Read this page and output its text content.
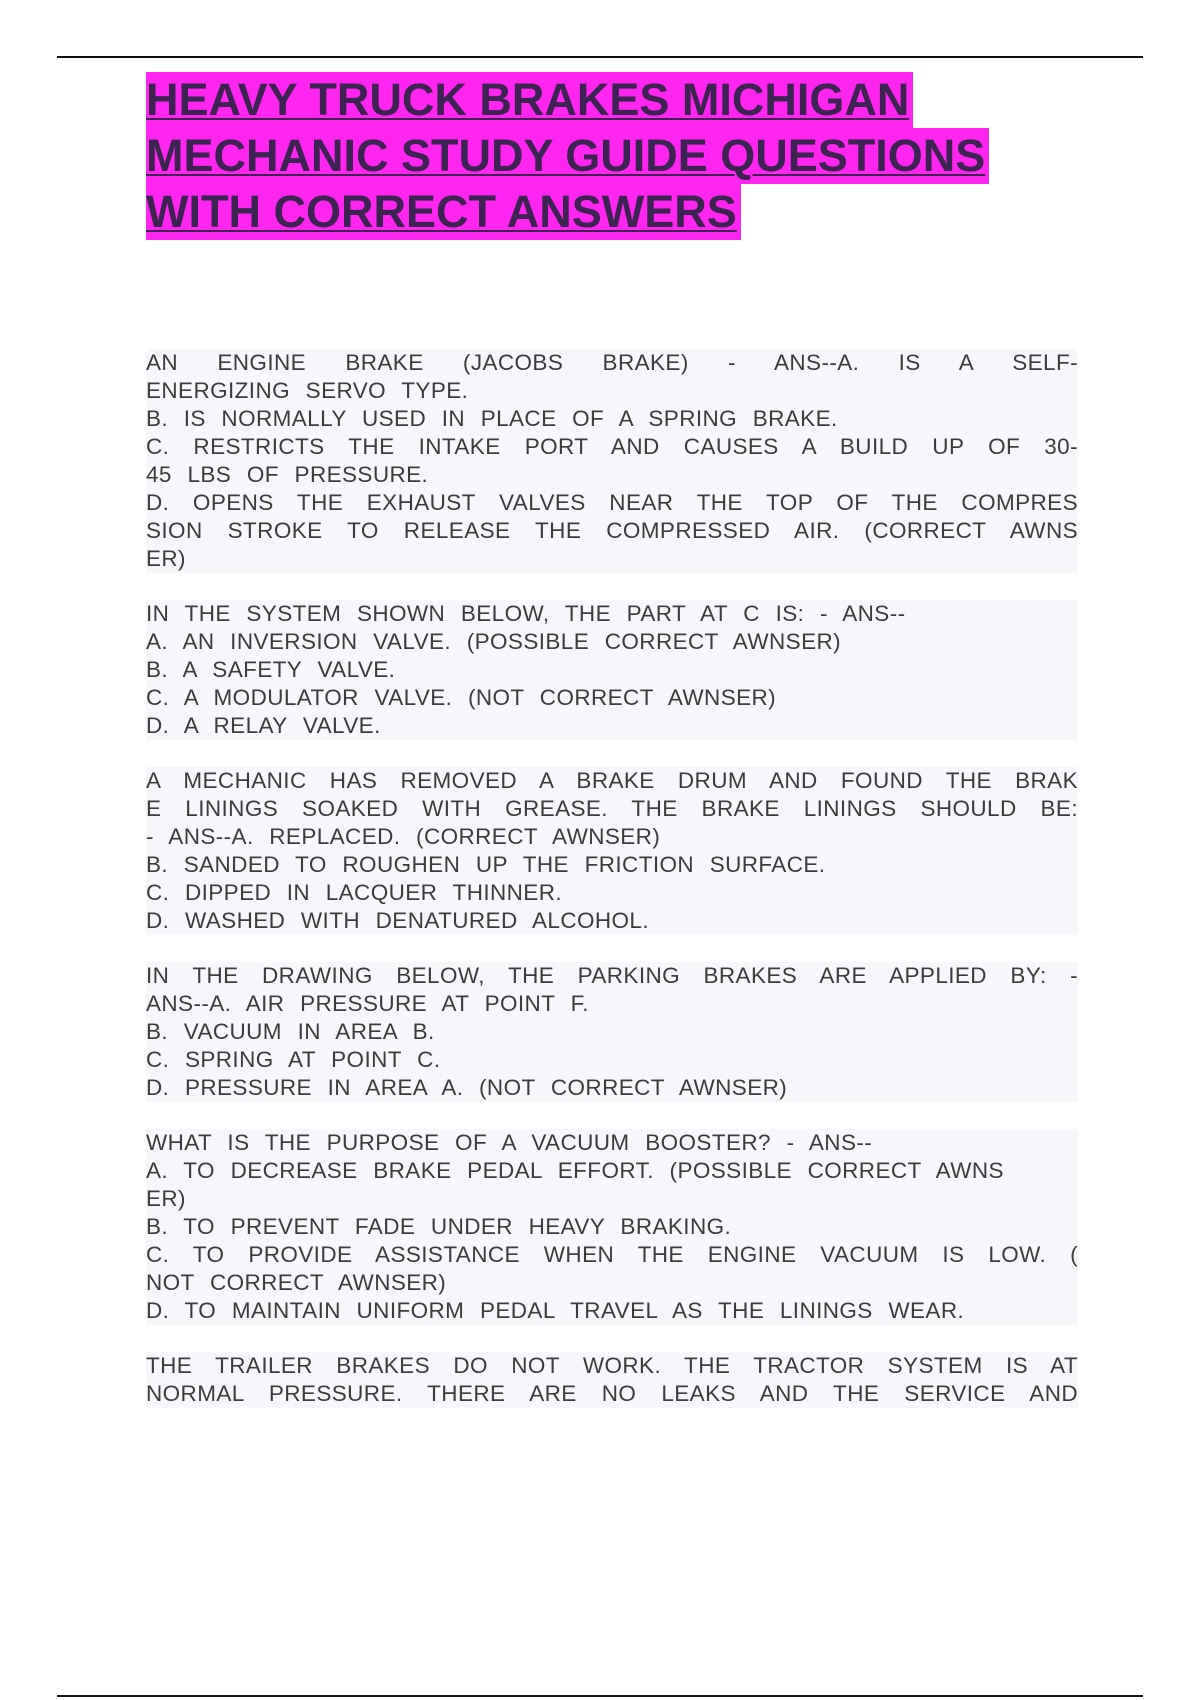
HEAVY TRUCK BRAKES MICHIGAN
MECHANIC STUDY GUIDE QUESTIONS
WITH CORRECT ANSWERS
AN ENGINE BRAKE (JACOBS BRAKE) - ANS--A. IS A SELF-
ENERGIZING SERVO TYPE.
B. IS NORMALLY USED IN PLACE OF A SPRING BRAKE.
C. RESTRICTS THE INTAKE PORT AND CAUSES A BUILD UP OF 30-
45 LBS OF PRESSURE.
D. OPENS THE EXHAUST VALVES NEAR THE TOP OF THE COMPRES
SION STROKE TO RELEASE THE COMPRESSED AIR. (CORRECT AWNS
ER)
IN THE SYSTEM SHOWN BELOW, THE PART AT C IS: - ANS--
A. AN INVERSION VALVE. (POSSIBLE CORRECT AWNSER)
B. A SAFETY VALVE.
C. A MODULATOR VALVE. (NOT CORRECT AWNSER)
D. A RELAY VALVE.
A MECHANIC HAS REMOVED A BRAKE DRUM AND FOUND THE BRAK
E LININGS SOAKED WITH GREASE. THE BRAKE LININGS SHOULD BE:
- ANS--A. REPLACED. (CORRECT AWNSER)
B. SANDED TO ROUGHEN UP THE FRICTION SURFACE.
C. DIPPED IN LACQUER THINNER.
D. WASHED WITH DENATURED ALCOHOL.
IN THE DRAWING BELOW, THE PARKING BRAKES ARE APPLIED BY: -
ANS--A. AIR PRESSURE AT POINT F.
B. VACUUM IN AREA B.
C. SPRING AT POINT C.
D. PRESSURE IN AREA A. (NOT CORRECT AWNSER)
WHAT IS THE PURPOSE OF A VACUUM BOOSTER? - ANS--
A. TO DECREASE BRAKE PEDAL EFFORT. (POSSIBLE CORRECT AWNS
ER)
B. TO PREVENT FADE UNDER HEAVY BRAKING.
C. TO PROVIDE ASSISTANCE WHEN THE ENGINE VACUUM IS LOW. (
NOT CORRECT AWNSER)
D. TO MAINTAIN UNIFORM PEDAL TRAVEL AS THE LININGS WEAR.
THE TRAILER BRAKES DO NOT WORK. THE TRACTOR SYSTEM IS AT
NORMAL PRESSURE. THERE ARE NO LEAKS AND THE SERVICE AND
